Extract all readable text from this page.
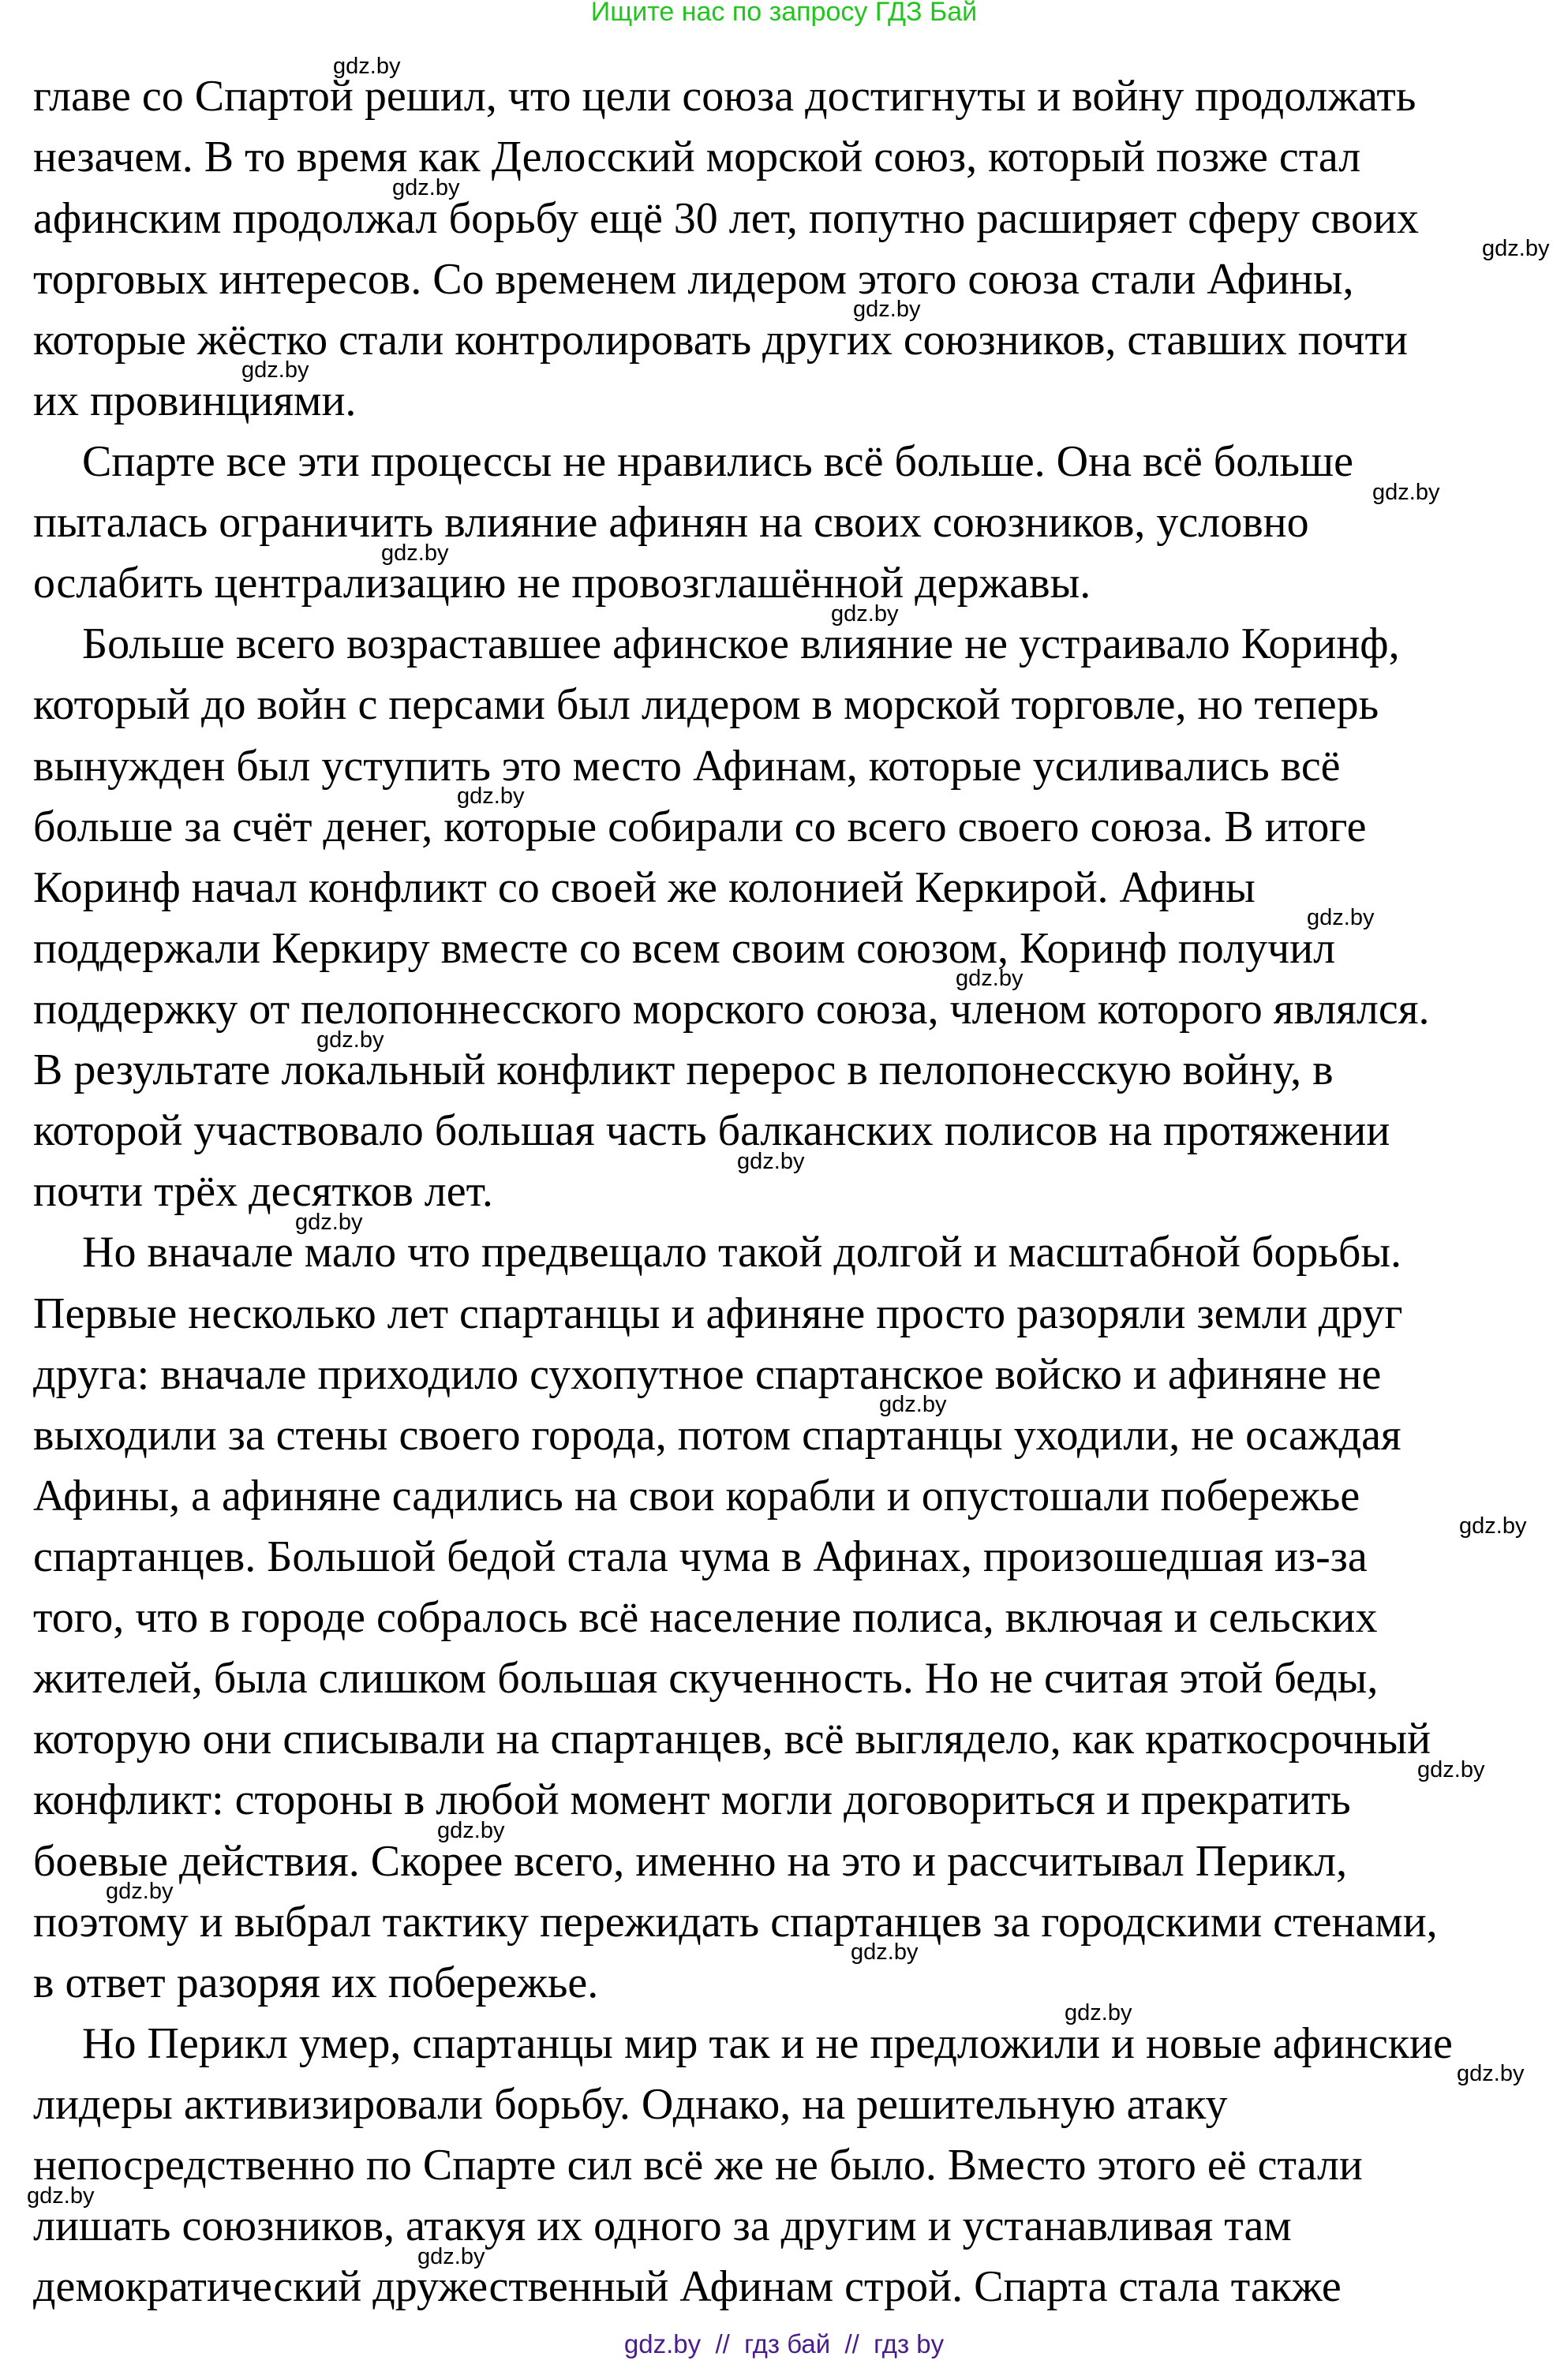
Ищите нас по запросу ГДЗ Бай
главе со Спартой решил, что цели союза достигнуты и войну продолжать
незачем. В то время как Делосский морской союз, который позже стал
афинским продолжал борьбу ещё 30 лет, попутно расширяет сферу своих
торговых интересов. Со временем лидером этого союза стали Афины,
которые жёстко стали контролировать других союзников, ставших почти
их провинциями.
Спарте все эти процессы не нравились всё больше. Она всё больше
пыталась ограничить влияние афинян на своих союзников, условно
ослабить централизацию не провозглашённой державы.
Больше всего возраставшее афинское влияние не устраивало Коринф,
который до войн с персами был лидером в морской торговле, но теперь
вынужден был уступить это место Афинам, которые усиливались всё
больше за счёт денег, которые собирали со всего своего союза. В итоге
Коринф начал конфликт со своей же колонией Керкирой. Афины
поддержали Керкиру вместе со всем своим союзом, Коринф получил
поддержку от пелопоннесского морского союза, членом которого являлся.
В результате локальный конфликт перерос в пелопонесскую войну, в
которой участвовало большая часть балканских полисов на протяжении
почти трёх десятков лет.
Но вначале мало что предвещало такой долгой и масштабной борьбы.
Первые несколько лет спартанцы и афиняне просто разоряли земли друг
друга: вначале приходило сухопутное спартанское войско и афиняне не
выходили за стены своего города, потом спартанцы уходили, не осаждая
Афины, а афиняне садились на свои корабли и опустошали побережье
спартанцев. Большой бедой стала чума в Афинах, произошедшая из-за
того, что в городе собралось всё население полиса, включая и сельских
жителей, была слишком большая скученность. Но не считая этой беды,
которую они списывали на спартанцев, всё выглядело, как краткосрочный
конфликт: стороны в любой момент могли договориться и прекратить
боевые действия. Скорее всего, именно на это и рассчитывал Перикл,
поэтому и выбрал тактику пережидать спартанцев за городскими стенами,
в ответ разоряя их побережье.
Но Перикл умер, спартанцы мир так и не предложили и новые афинские
лидеры активизировали борьбу. Однако, на решительную атаку
непосредственно по Спарте сил всё же не было. Вместо этого её стали
лишать союзников, атакуя их одного за другим и устанавливая там
демократический дружественный Афинам строй. Спарта стала также
gdz.by
gdz.by
gdz.by
gdz.by
gdz.by
gdz.by
gdz.by
gdz.by
gdz.by
gdz.by
gdz.by
gdz.by
gdz.by
gdz.by
gdz.by
gdz.by
gdz.by
gdz.by
gdz.by
gdz.by
gdz.by
gdz.by
gdz.by
gdz.by
gdz.by  //  гдз бай  //  гдз by
